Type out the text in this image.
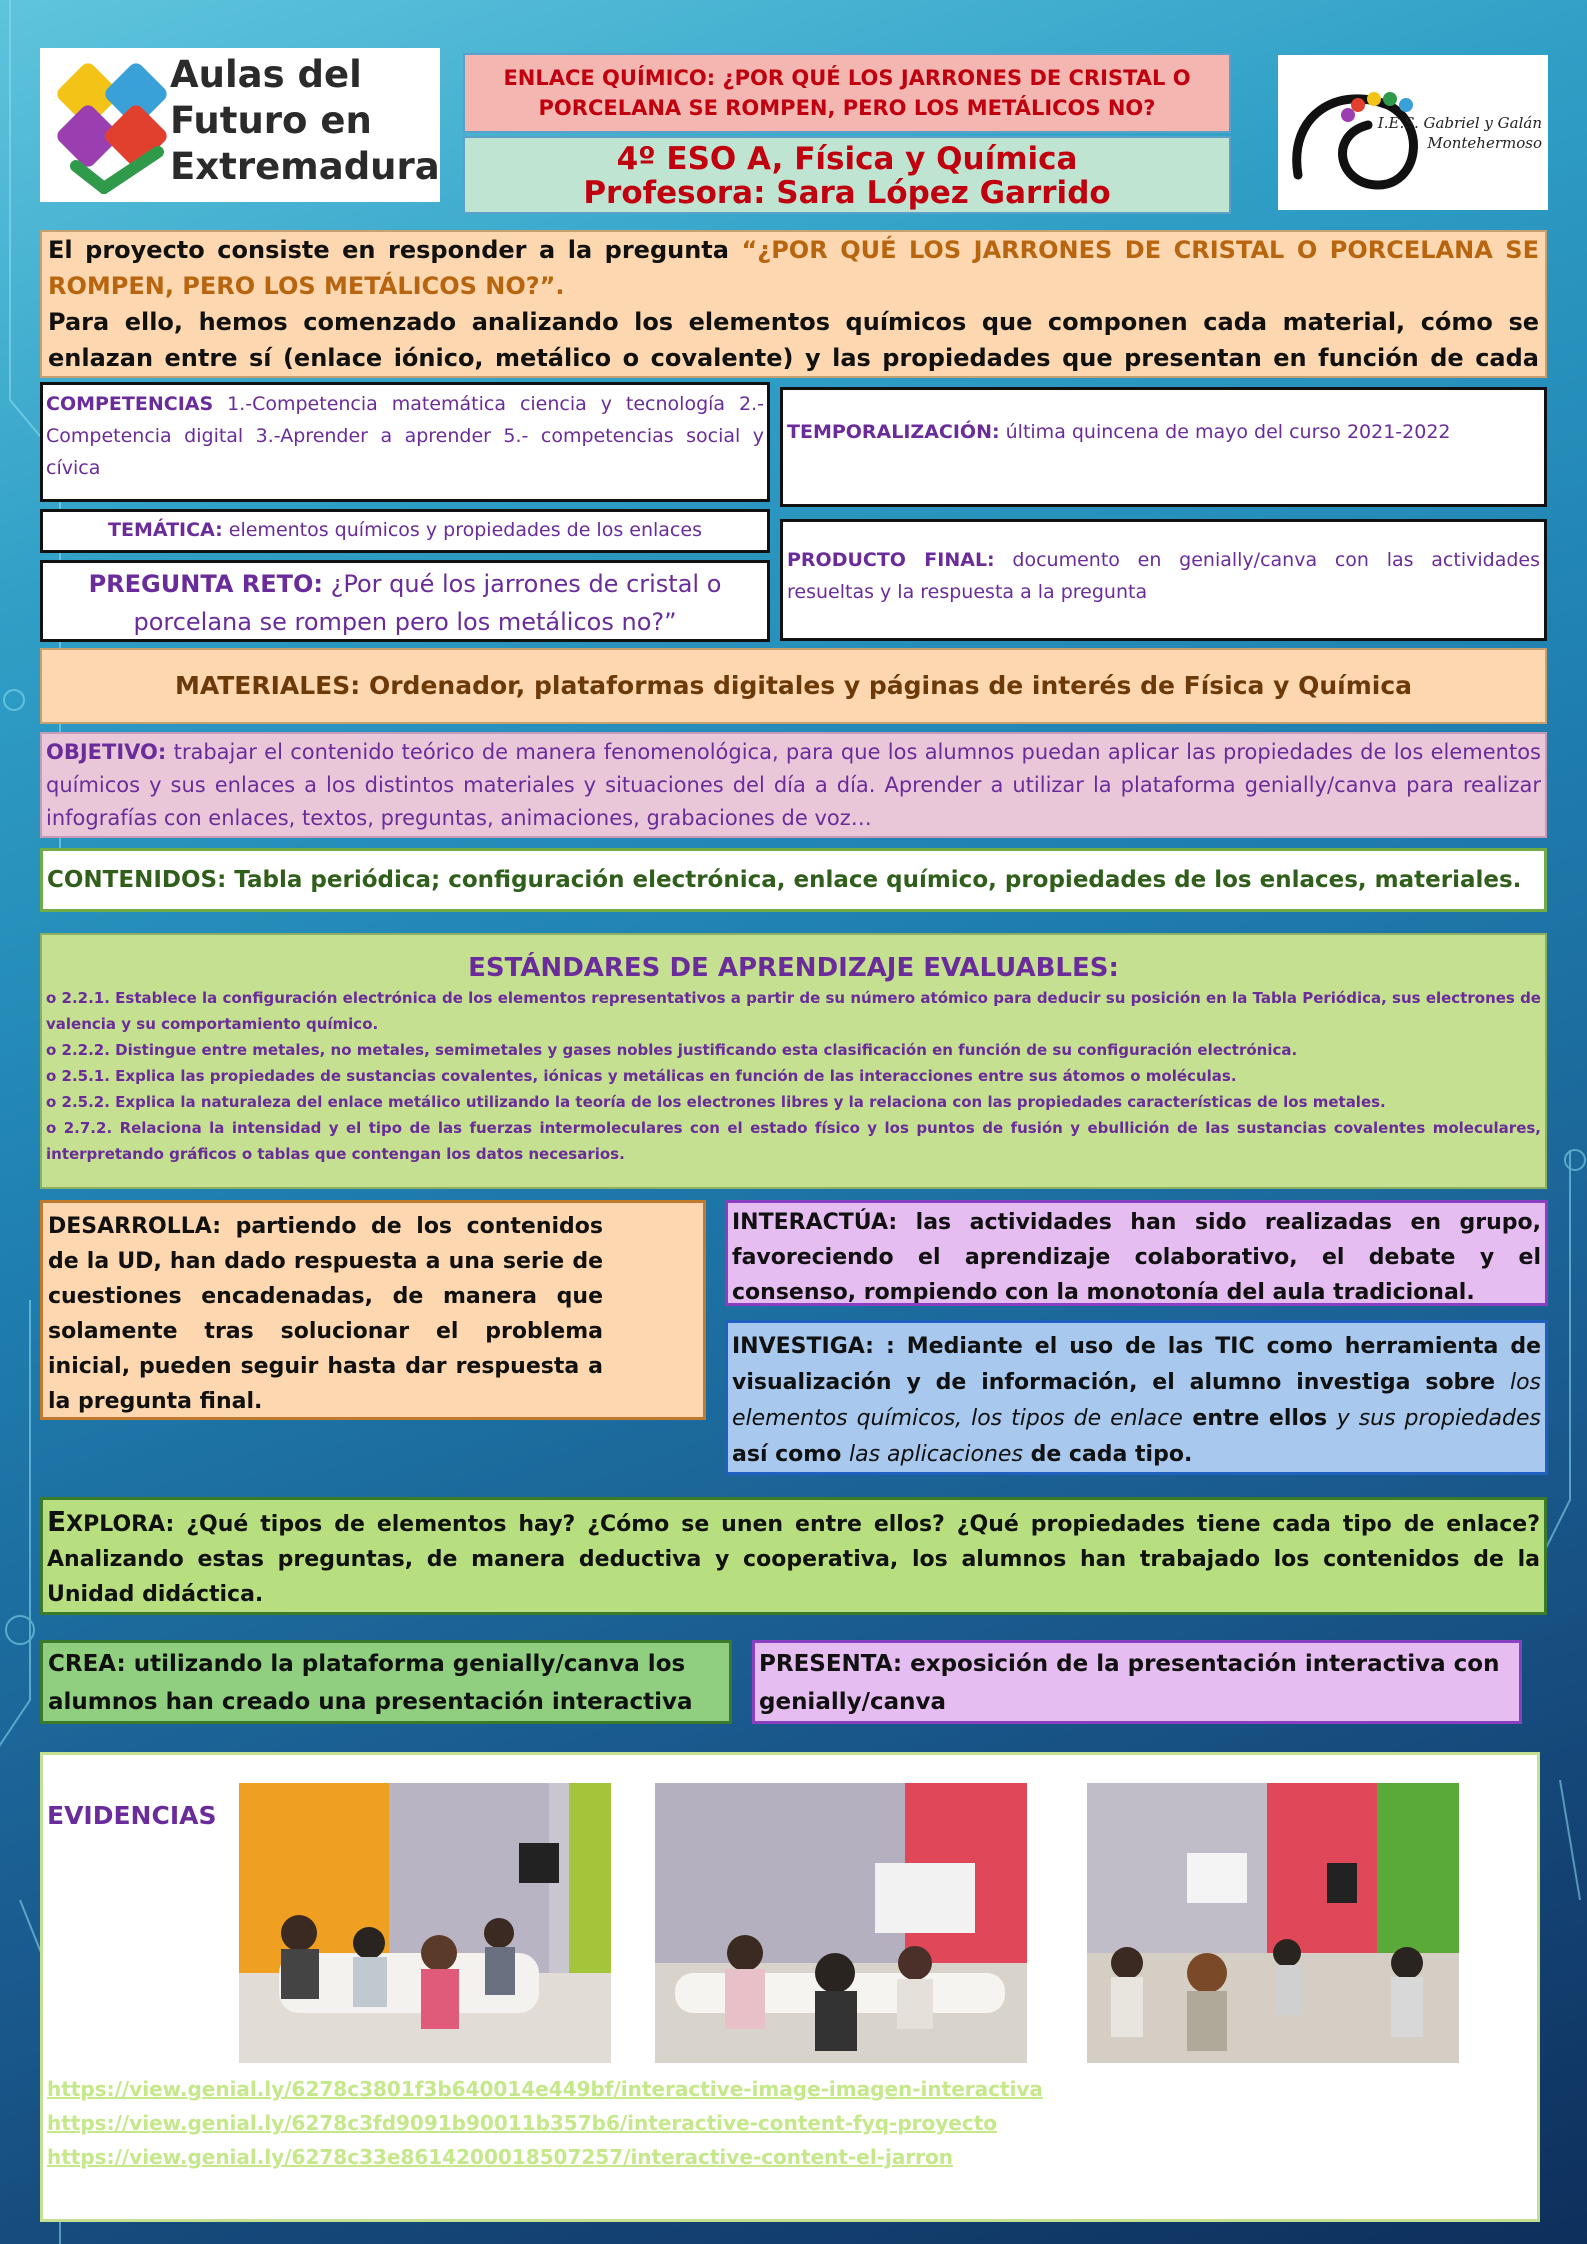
Aulas del
Futuro en
Extremadura
ENLACE QUÍMICO: ¿POR QUÉ LOS JARRONES DE CRISTAL O PORCELANA SE ROMPEN, PERO LOS METÁLICOS NO?
4º ESO A, Física y Química
Profesora: Sara López Garrido
I.E.S. Gabriel y Galán
Montehermoso
El proyecto consiste en responder a la pregunta “¿POR QUÉ LOS JARRONES DE CRISTAL O PORCELANA SE ROMPEN, PERO LOS METÁLICOS NO?”.
Para ello, hemos comenzado analizando los elementos químicos que componen cada material, cómo se enlazan entre sí (enlace iónico, metálico o covalente) y las propiedades que presentan en función de cada
COMPETENCIAS 1.-Competencia matemática ciencia y tecnología 2.-Competencia digital 3.-Aprender a aprender 5.- competencias social y cívica
TEMPORALIZACIÓN: última quincena de mayo del curso 2021-2022
TEMÁTICA: elementos químicos y propiedades de los enlaces
PREGUNTA RETO: ¿Por qué los jarrones de cristal o porcelana se rompen pero los metálicos no?”
PRODUCTO FINAL: documento en genially/canva con las actividades resueltas y la respuesta a la pregunta
MATERIALES: Ordenador, plataformas digitales y páginas de interés de Física y Química
OBJETIVO: trabajar el contenido teórico de manera fenomenológica, para que los alumnos puedan aplicar las propiedades de los elementos químicos y sus enlaces a los distintos materiales y situaciones del día a día. Aprender a utilizar la plataforma genially/canva para realizar infografías con enlaces, textos, preguntas, animaciones, grabaciones de voz…
CONTENIDOS: Tabla periódica; configuración electrónica, enlace químico, propiedades de los enlaces, materiales.
ESTÁNDARES DE APRENDIZAJE EVALUABLES:

o 2.2.1. Establece la configuración electrónica de los elementos representativos a partir de su número atómico para deducir su posición en la Tabla Periódica, sus electrones de valencia y su comportamiento químico.

o 2.2.2. Distingue entre metales, no metales, semimetales y gases nobles justificando esta clasificación en función de su configuración electrónica.

o 2.5.1. Explica las propiedades de sustancias covalentes, iónicas y metálicas en función de las interacciones entre sus átomos o moléculas.

o 2.5.2. Explica la naturaleza del enlace metálico utilizando la teoría de los electrones libres y la relaciona con las propiedades características de los metales.

o 2.7.2. Relaciona la intensidad y el tipo de las fuerzas intermoleculares con el estado físico y los puntos de fusión y ebullición de las sustancias covalentes moleculares, interpretando gráficos o tablas que contengan los datos necesarios.

DESARROLLA: partiendo de los contenidos de la UD, han dado respuesta a una serie de cuestiones encadenadas, de manera que solamente tras solucionar el problema inicial, pueden seguir hasta dar respuesta a la pregunta final.
INTERACTÚA: las actividades han sido realizadas en grupo, favoreciendo el aprendizaje colaborativo, el debate y el consenso, rompiendo con la monotonía del aula tradicional.
INVESTIGA: : Mediante el uso de las TIC como herramienta de visualización y de información, el alumno investiga sobre los elementos químicos, los tipos de enlace entre ellos y sus propiedades así como las aplicaciones de cada tipo.
EXPLORA: ¿Qué tipos de elementos hay? ¿Cómo se unen entre ellos? ¿Qué propiedades tiene cada tipo de enlace? Analizando estas preguntas, de manera deductiva y cooperativa, los alumnos han trabajado los contenidos de la Unidad didáctica.
CREA: utilizando la plataforma genially/canva los alumnos han creado una presentación interactiva
PRESENTA: exposición de la presentación interactiva con genially/canva
EVIDENCIAS
https://view.genial.ly/6278c3801f3b640014e449bf/interactive-image-imagen-interactiva
https://view.genial.ly/6278c3fd9091b90011b357b6/interactive-content-fyq-proyecto
https://view.genial.ly/6278c33e8614200018507257/interactive-content-el-jarron
